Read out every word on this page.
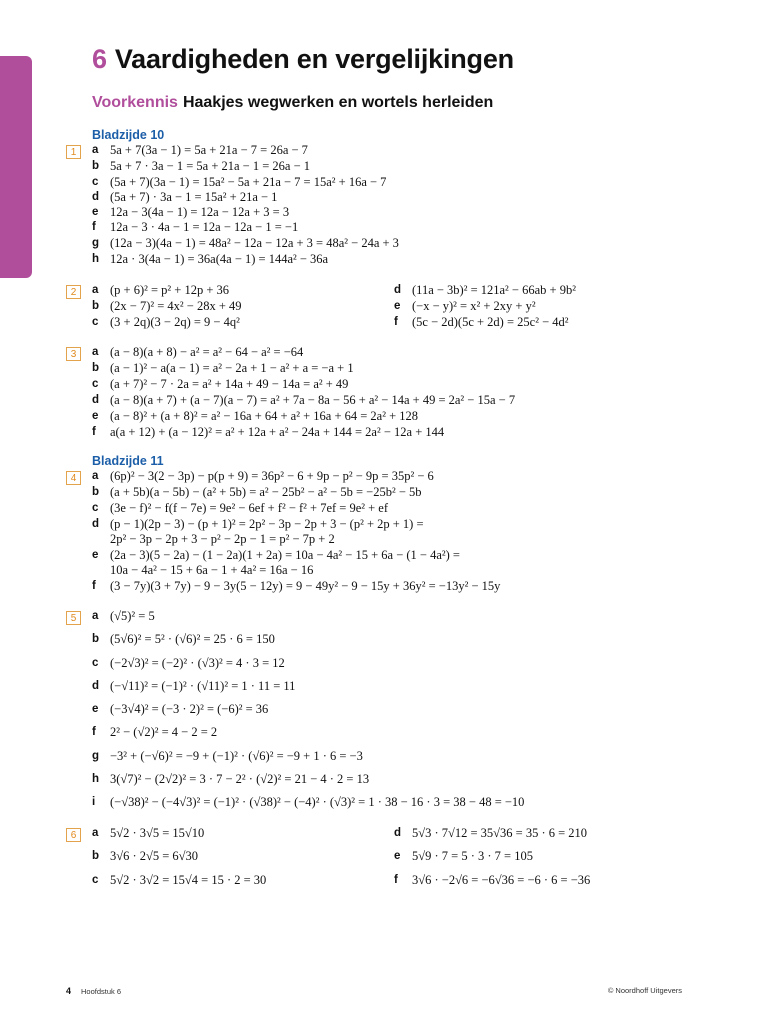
6 Vaardigheden en vergelijkingen
Voorkennis Haakjes wegwerken en wortels herleiden
Bladzijde 10
Bladzijde 11
1	a 5a + 7(3a − 1) = 5a + 21a − 7 = 26a − 7
b 5a + 7 · 3a − 1 = 5a + 21a − 1 = 26a − 1
c (5a + 7)(3a − 1) = 15a² − 5a + 21a − 7 = 15a² + 16a − 7
d (5a + 7) · 3a − 1 = 15a² + 21a − 1
e 12a − 3(4a − 1) = 12a − 12a + 3 = 3
f 12a − 3 · 4a − 1 = 12a − 12a − 1 = −1
g (12a − 3)(4a − 1) = 48a² − 12a − 12a + 3 = 48a² − 24a + 3
h 12a · 3(4a − 1) = 36a(4a − 1) = 144a² − 36a
2	a (p + 6)² = p² + 12p + 36
b (2x − 7)² = 4x² − 28x + 49
c (3 + 2q)(3 − 2q) = 9 − 4q²
d (11a − 3b)² = 121a² − 66ab + 9b²
e (−x − y)² = x² + 2xy + y²
f (5c − 2d)(5c + 2d) = 25c² − 4d²
3	a (a − 8)(a + 8) − a² = a² − 64 − a² = −64
b (a − 1)² − a(a − 1) = a² − 2a + 1 − a² + a = −a + 1
c (a + 7)² − 7 · 2a = a² + 14a + 49 − 14a = a² + 49
d (a − 8)(a + 7) + (a − 7)(a − 7) = a² + 7a − 8a − 56 + a² − 14a + 49 = 2a² − 15a − 7
e (a − 8)² + (a + 8)² = a² − 16a + 64 + a² + 16a + 64 = 2a² + 128
f a(a + 12) + (a − 12)² = a² + 12a + a² − 24a + 144 = 2a² − 12a + 144
4	a (6p)² − 3(2 − 3p) − p(p + 9) = 36p² − 6 + 9p − p² − 9p = 35p² − 6
b (a + 5b)(a − 5b) − (a² + 5b) = a² − 25b² − a² − 5b = −25b² − 5b
c (3e − f)² − f(f − 7e) = 9e² − 6ef + f² − f² + 7ef = 9e² + ef
d (p − 1)(2p − 3) − (p + 1)² = 2p² − 3p − 2p + 3 − (p² + 2p + 1) =
2p² − 3p − 2p + 3 − p² − 2p − 1 = p² − 7p + 2
e (2a − 3)(5 − 2a) − (1 − 2a)(1 + 2a) = 10a − 4a² − 15 + 6a − (1 − 4a²) =
10a − 4a² − 15 + 6a − 1 + 4a² = 16a − 16
f (3 − 7y)(3 + 7y) − 9 − 3y(5 − 12y) = 9 − 49y² − 9 − 15y + 36y² = −13y² − 15y
5	a (√5)² = 5
b (5√6)² = 5² · (√6)² = 25 · 6 = 150
c (−2√3)² = (−2)² · (√3)² = 4 · 3 = 12
d (−√11)² = (−1)² · (√11)² = 1 · 11 = 11
e (−3√4)² = (−3 · 2)² = (−6)² = 36
f 2² − (√2)² = 4 − 2 = 2
g −3² + (−√6)² = −9 + (−1)² · (√6)² = −9 + 1 · 6 = −3
h 3(√7)² − (2√2)² = 3 · 7 − 2² · (√2)² = 21 − 4 · 2 = 13
i (−√38)² − (−4√3)² = (−1)² · (√38)² − (−4)² · (√3)² = 1 · 38 − 16 · 3 = 38 − 48 = −10
6	a 5√2 · 3√5 = 15√10
b 3√6 · 2√5 = 6√30
c 5√2 · 3√2 = 15√4 = 15 · 2 = 30
d 5√3 · 7√12 = 35√36 = 35 · 6 = 210
e 5√9 · 7 = 5 · 3 · 7 = 105
f 3√6 · −2√6 = −6√36 = −6 · 6 = −36
4 Hoofdstuk 6	© Noordhoff Uitgevers
